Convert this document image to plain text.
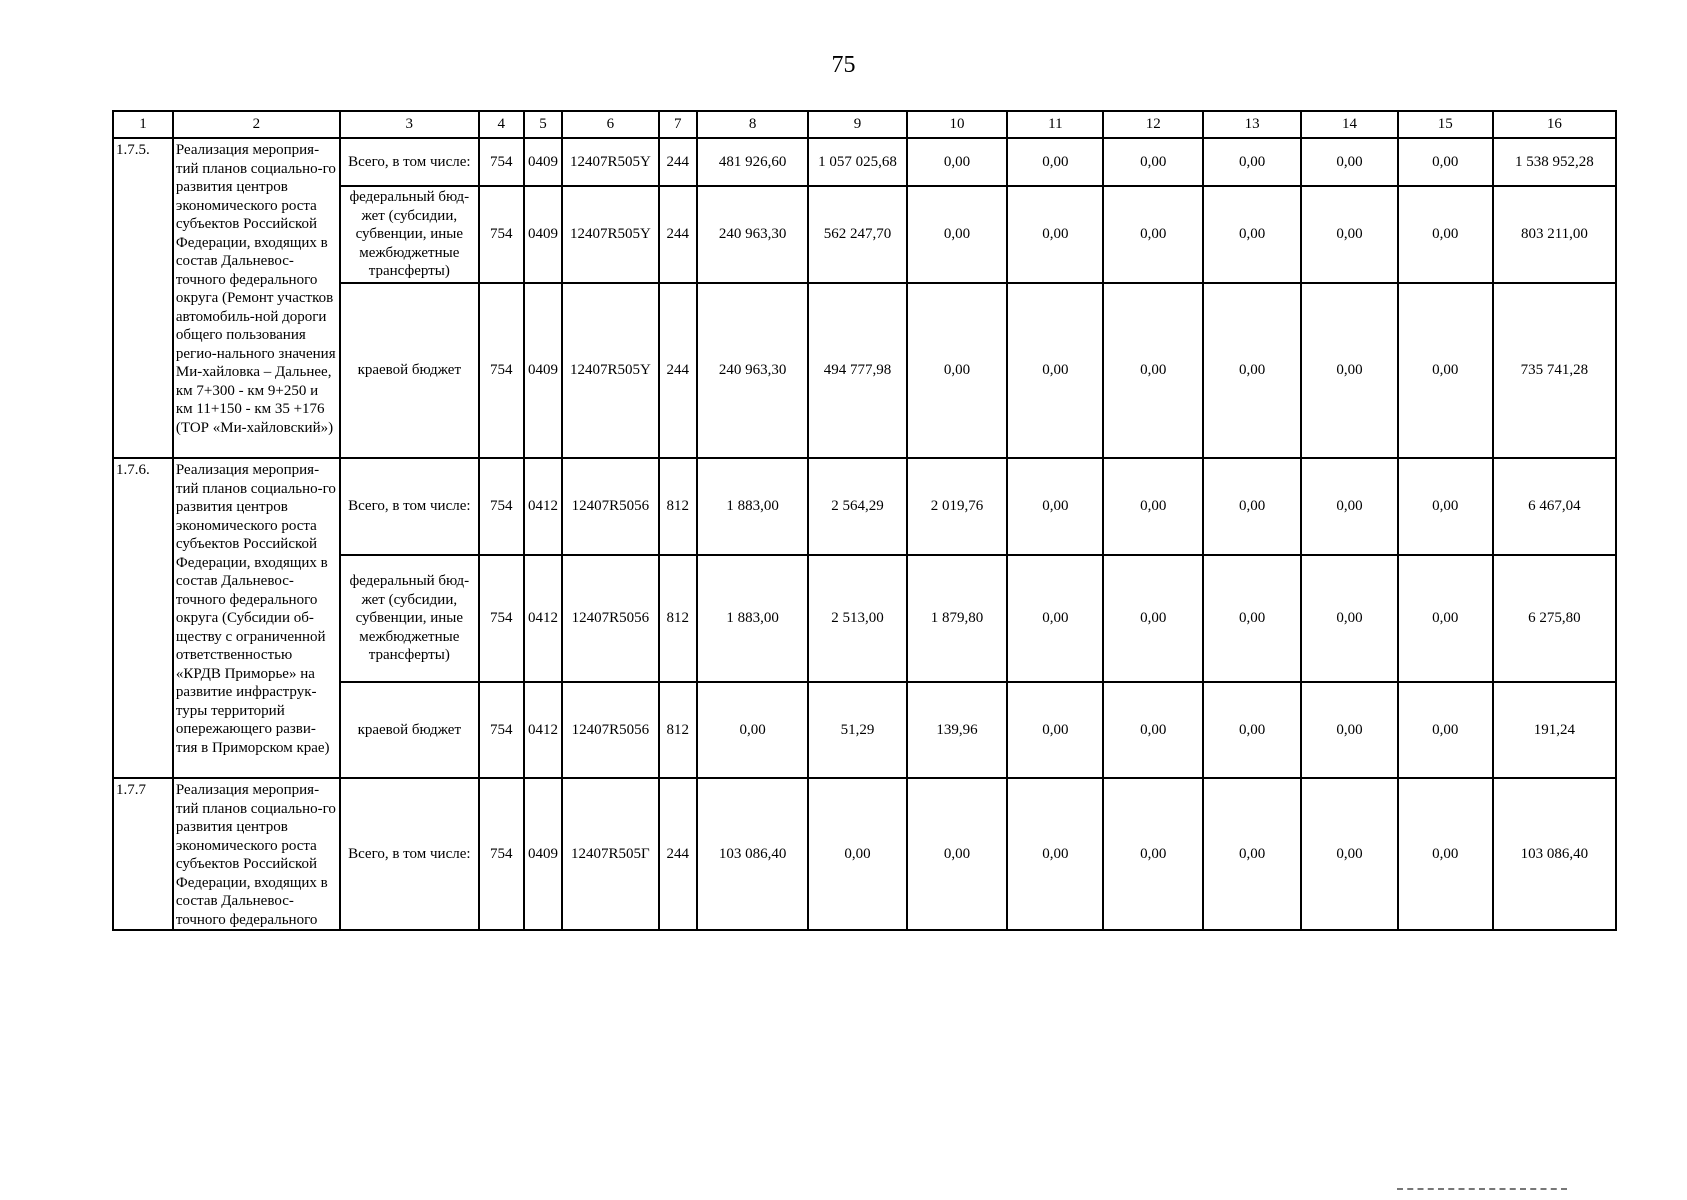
75
1	2	3	4	5	6	7	8	9	10	11	12	13	14	15	16
1.7.5.	Реализация мероприя-тий планов социально-го развития центров экономического роста субъектов Российской Федерации, входящих в состав Дальневос-точного федерального округа (Ремонт участков автомобиль-ной дороги общего пользования регио-нального значения Ми-хайловка – Дальнее, км 7+300 - км 9+250 и км 11+150 - км 35 +176 (ТОР «Ми-хайловский»)	Всего, в том числе:	754	0409	12407R505Y	244	481 926,60	1 057 025,68	0,00	0,00	0,00	0,00	0,00	0,00	1 538 952,28
		федеральный бюд-жет (субсидии, субвенции, иные межбюджетные трансферты)	754	0409	12407R505Y	244	240 963,30	562 247,70	0,00	0,00	0,00	0,00	0,00	0,00	803 211,00
		краевой бюджет	754	0409	12407R505Y	244	240 963,30	494 777,98	0,00	0,00	0,00	0,00	0,00	0,00	735 741,28
1.7.6.	Реализация мероприя-тий планов социально-го развития центров экономического роста субъектов Российской Федерации, входящих в состав Дальневос-точного федерального округа (Субсидии об-ществу с ограниченной ответственностью «КРДВ Приморье» на развитие инфраструк-туры территорий опережающего разви-тия в Приморском крае)	Всего, в том числе:	754	0412	12407R5056	812	1 883,00	2 564,29	2 019,76	0,00	0,00	0,00	0,00	0,00	6 467,04
		федеральный бюд-жет (субсидии, субвенции, иные межбюджетные трансферты)	754	0412	12407R5056	812	1 883,00	2 513,00	1 879,80	0,00	0,00	0,00	0,00	0,00	6 275,80
		краевой бюджет	754	0412	12407R5056	812	0,00	51,29	139,96	0,00	0,00	0,00	0,00	0,00	191,24
1.7.7	Реализация мероприя-тий планов социально-го развития центров экономического роста субъектов Российской Федерации, входящих в состав Дальневос-точного федерального	Всего, в том числе:	754	0409	12407R505Г	244	103 086,40	0,00	0,00	0,00	0,00	0,00	0,00	0,00	103 086,40
